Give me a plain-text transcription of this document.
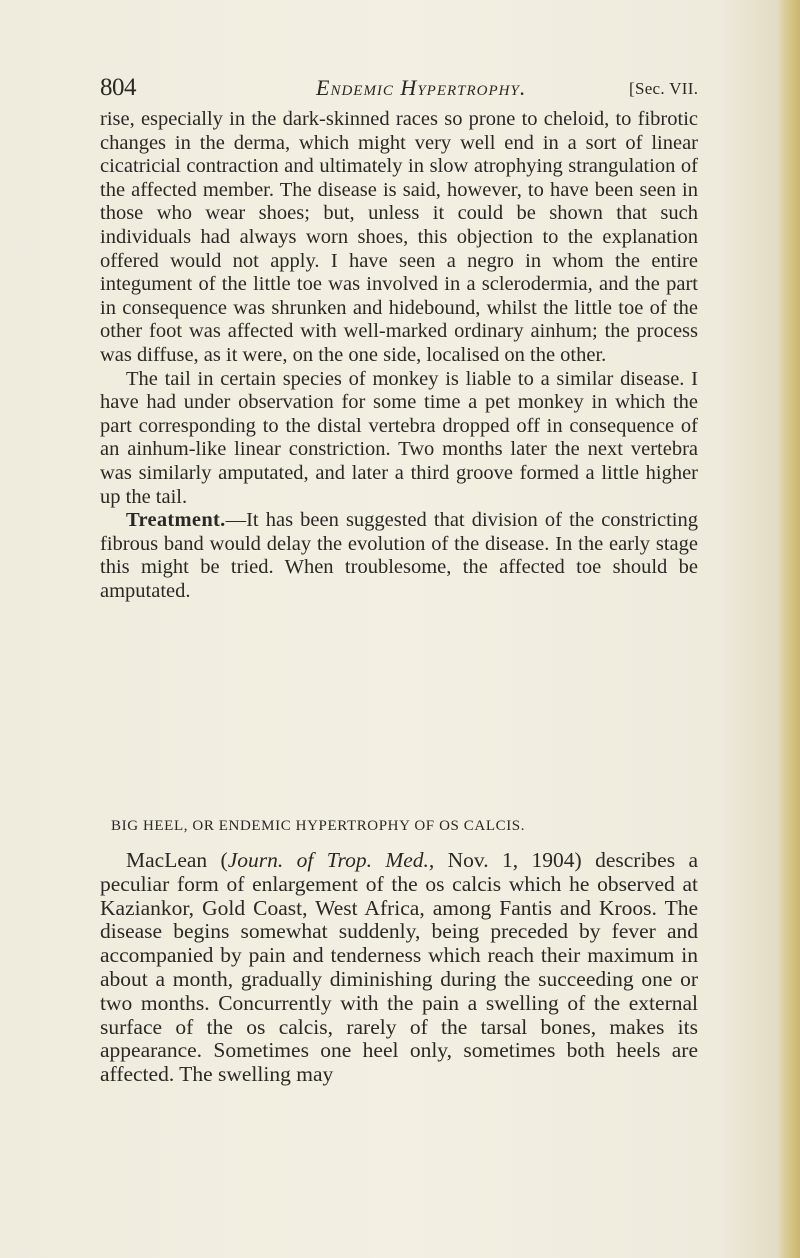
804	Endemic Hypertrophy.	[Sec. VII.

rise, especially in the dark-skinned races so prone to cheloid, to fibrotic changes in the derma, which might very well end in a sort of linear cicatricial contraction and ultimately in slow atrophying strangulation of the affected member. The disease is said, however, to have been seen in those who wear shoes; but, unless it could be shown that such individuals had always worn shoes, this objection to the explanation offered would not apply. I have seen a negro in whom the entire integument of the little toe was involved in a sclerodermia, and the part in consequence was shrunken and hidebound, whilst the little toe of the other foot was affected with well-marked ordinary ainhum; the process was diffuse, as it were, on the one side, localised on the other.

The tail in certain species of monkey is liable to a similar disease. I have had under observation for some time a pet monkey in which the part corresponding to the distal vertebra dropped off in consequence of an ainhum-like linear constriction. Two months later the next vertebra was similarly amputated, and later a third groove formed a little higher up the tail.

Treatment.—It has been suggested that division of the constricting fibrous band would delay the evolution of the disease. In the early stage this might be tried. When troublesome, the affected toe should be amputated.

BIG HEEL, OR ENDEMIC HYPERTROPHY OF OS CALCIS.

MacLean (Journ. of Trop. Med., Nov. 1, 1904) describes a peculiar form of enlargement of the os calcis which he observed at Kaziankor, Gold Coast, West Africa, among Fantis and Kroos. The disease begins somewhat suddenly, being preceded by fever and accompanied by pain and tenderness which reach their maximum in about a month, gradually diminishing during the succeeding one or two months. Concurrently with the pain a swelling of the external surface of the os calcis, rarely of the tarsal bones, makes its appearance. Sometimes one heel only, sometimes both heels are affected. The swelling may
